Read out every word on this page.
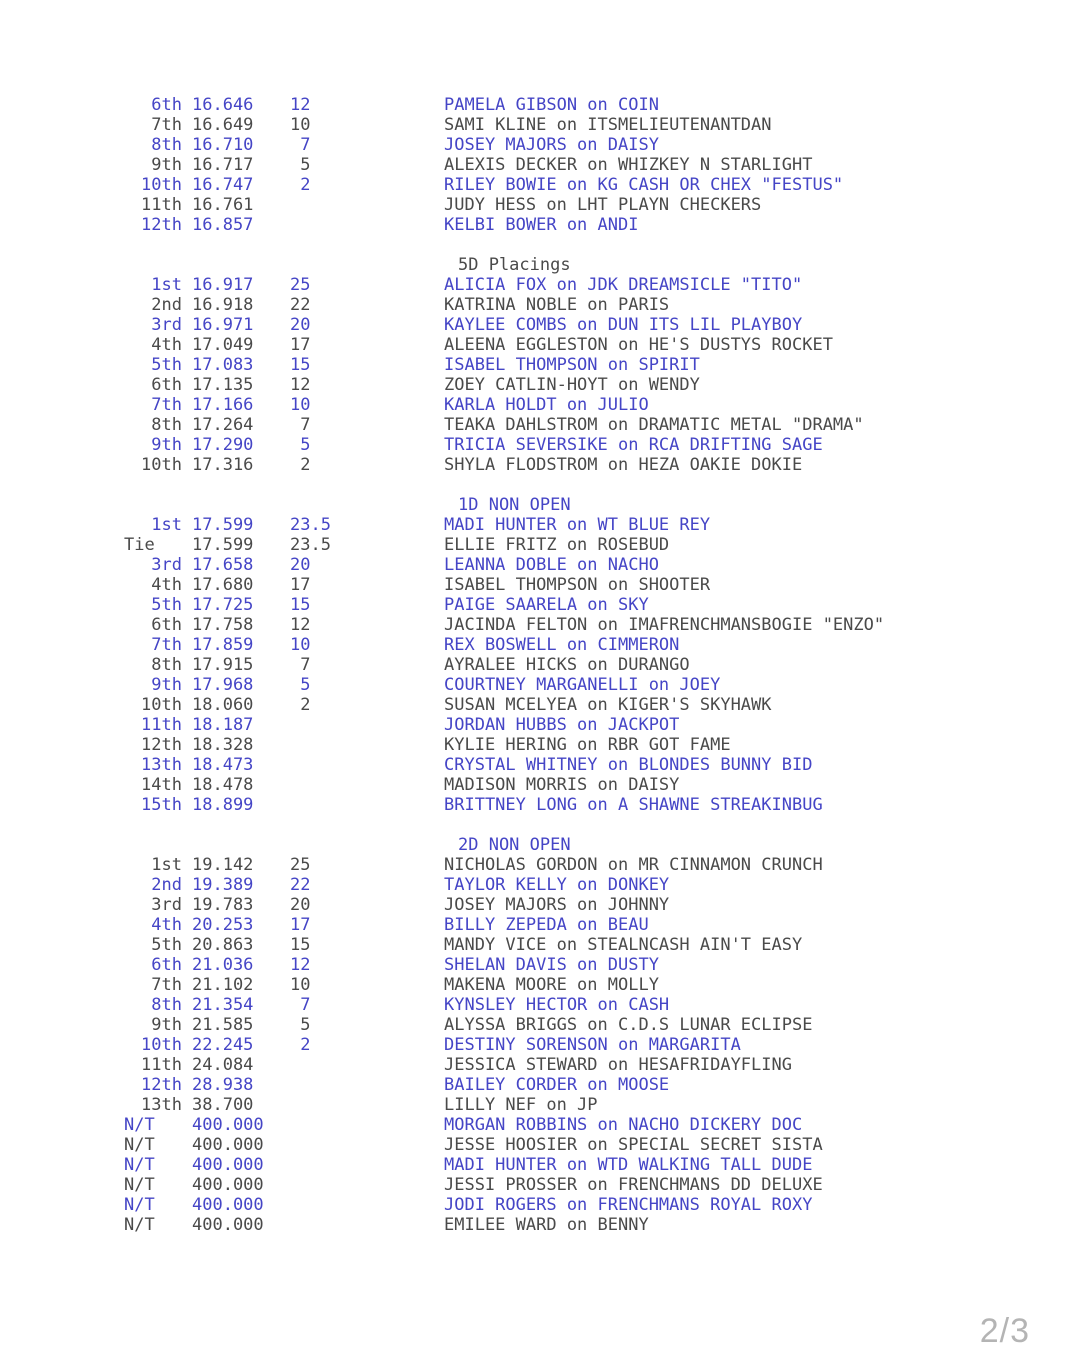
6th 16.646	12	PAMELA GIBSON on COIN
7th 16.649	10	SAMI KLINE on ITSMELIEUTENANTDAN
8th 16.710	7	JOSEY MAJORS on DAISY
9th 16.717	5	ALEXIS DECKER on WHIZKEY N STARLIGHT
10th 16.747	2	RILEY BOWIE on KG CASH OR CHEX "FESTUS"
11th 16.761	JUDY HESS on LHT PLAYN CHECKERS
12th 16.857	KELBI BOWER on ANDI
5D Placings
1st 16.917	25	ALICIA FOX on JDK DREAMSICLE "TITO"
2nd 16.918	22	KATRINA NOBLE on PARIS
3rd 16.971	20	KAYLEE COMBS on DUN ITS LIL PLAYBOY
4th 17.049	17	ALEENA EGGLESTON on HE'S DUSTYS ROCKET
5th 17.083	15	ISABEL THOMPSON on SPIRIT
6th 17.135	12	ZOEY CATLIN-HOYT on WENDY
7th 17.166	10	KARLA HOLDT on JULIO
8th 17.264	7	TEAKA DAHLSTROM on DRAMATIC METAL "DRAMA"
9th 17.290	5	TRICIA SEVERSIKE on RCA DRIFTING SAGE
10th 17.316	2	SHYLA FLODSTROM on HEZA OAKIE DOKIE
1D NON OPEN
1st 17.599	23.5	MADI HUNTER on WT BLUE REY
Tie	17.599	23.5	ELLIE FRITZ on ROSEBUD
3rd 17.658	20	LEANNA DOBLE on NACHO
4th 17.680	17	ISABEL THOMPSON on SHOOTER
5th 17.725	15	PAIGE SAARELA on SKY
6th 17.758	12	JACINDA FELTON on IMAFRENCHMANSBOGIE "ENZO"
7th 17.859	10	REX BOSWELL on CIMMERON
8th 17.915	7	AYRALEE HICKS on DURANGO
9th 17.968	5	COURTNEY MARGANELLI on JOEY
10th 18.060	2	SUSAN MCELYEA on KIGER'S SKYHAWK
11th 18.187	JORDAN HUBBS on JACKPOT
12th 18.328	KYLIE HERING on RBR GOT FAME
13th 18.473	CRYSTAL WHITNEY on BLONDES BUNNY BID
14th 18.478	MADISON MORRIS on DAISY
15th 18.899	BRITTNEY LONG on A SHAWNE STREAKINBUG
2D NON OPEN
1st 19.142	25	NICHOLAS GORDON on MR CINNAMON CRUNCH
2nd 19.389	22	TAYLOR KELLY on DONKEY
3rd 19.783	20	JOSEY MAJORS on JOHNNY
4th 20.253	17	BILLY ZEPEDA on BEAU
5th 20.863	15	MANDY VICE on STEALNCASH AIN'T EASY
6th 21.036	12	SHELAN DAVIS on DUSTY
7th 21.102	10	MAKENA MOORE on MOLLY
8th 21.354	7	KYNSLEY HECTOR on CASH
9th 21.585	5	ALYSSA BRIGGS on C.D.S LUNAR ECLIPSE
10th 22.245	2	DESTINY SORENSON on MARGARITA
11th 24.084	JESSICA STEWARD on HESAFRIDAYFLING
12th 28.938	BAILEY CORDER on MOOSE
13th 38.700	LILLY NEF on JP
N/T	400.000	MORGAN ROBBINS on NACHO DICKERY DOC
N/T	400.000	JESSE HOOSIER on SPECIAL SECRET SISTA
N/T	400.000	MADI HUNTER on WTD WALKING TALL DUDE
N/T	400.000	JESSI PROSSER on FRENCHMANS DD DELUXE
N/T	400.000	JODI ROGERS on FRENCHMANS ROYAL ROXY
N/T	400.000	EMILEE WARD on BENNY
2/3
